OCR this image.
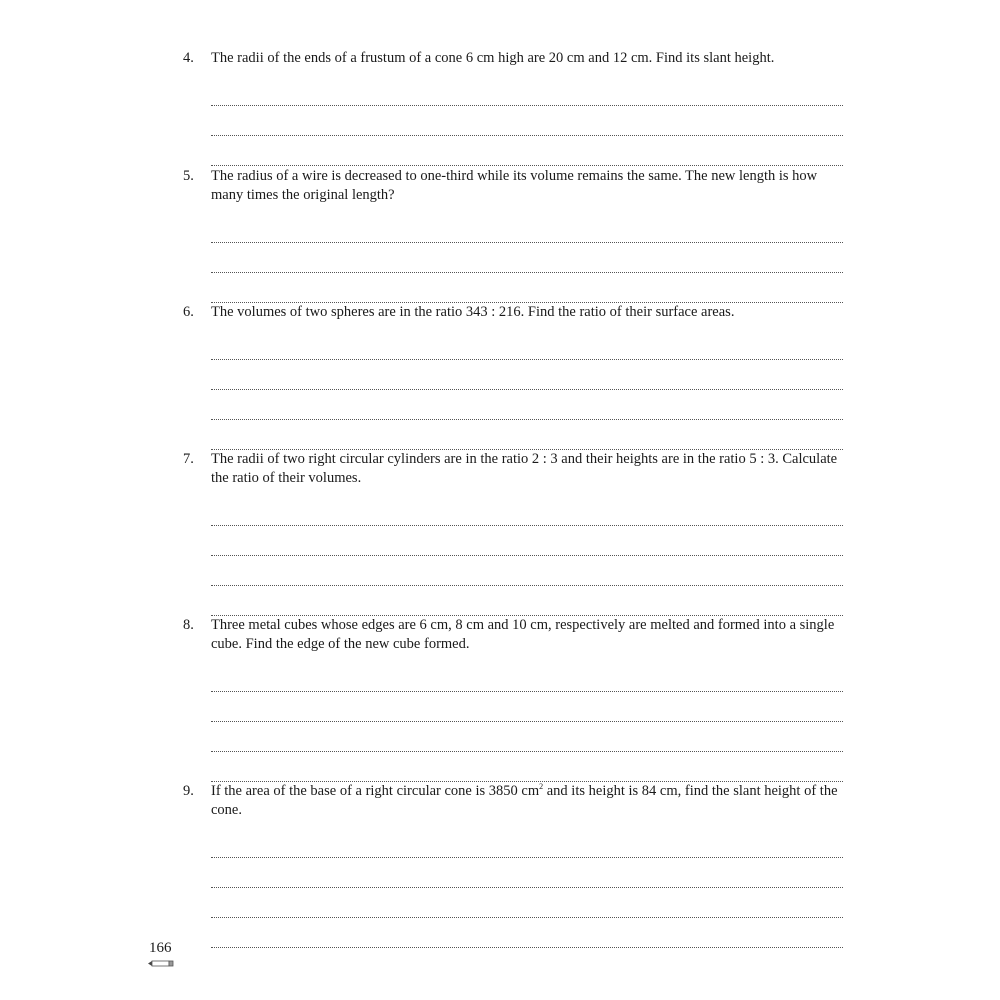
4.	The radii of the ends of a frustum of a cone 6 cm high are 20 cm and 12 cm. Find its slant height.
5.	The radius of a wire is decreased to one-third while its volume remains the same. The new length is how many times the original length?
6.	The volumes of two spheres are in the ratio 343 : 216. Find the ratio of their surface areas.
7.	The radii of two right circular cylinders are in the ratio 2 : 3 and their heights are in the ratio 5 : 3. Calculate the ratio of their volumes.
8.	Three metal cubes whose edges are 6 cm, 8 cm and 10 cm, respectively are melted and formed into a single cube. Find the edge of the new cube formed.
9.	If the area of the base of a right circular cone is 3850 $cm^2$ and its height is 84 cm, find the slant height of the cone.
166
